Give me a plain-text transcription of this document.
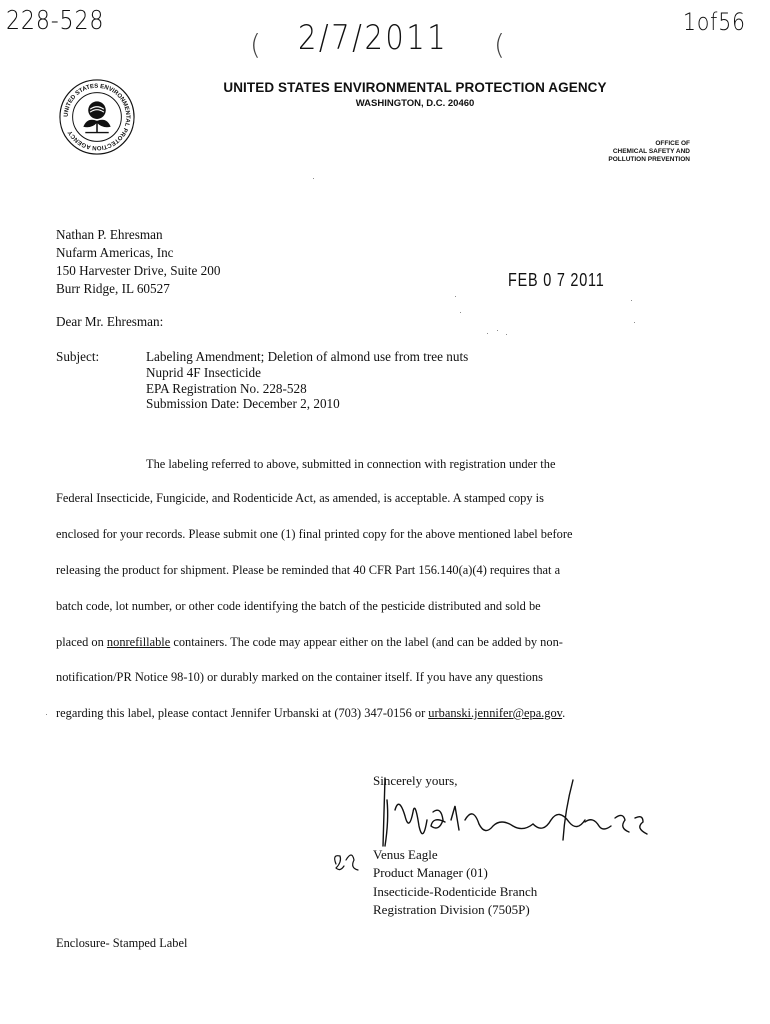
228-528
( 2/7/2011 (
1of56
UNITED STATES ENVIRONMENTAL PROTECTION AGENCY
UNITED STATES ENVIRONMENTAL PROTECTION AGENCY
WASHINGTON, D.C. 20460
OFFICE OF
CHEMICAL SAFETY AND
POLLUTION PREVENTION
Nathan P. Ehresman
Nufarm Americas, Inc
150 Harvester Drive, Suite 200
Burr Ridge, IL 60527	FEB 0 7 2011
Dear Mr. Ehresman:
Subject:	Labeling Amendment; Deletion of almond use from tree nuts
Nuprid 4F Insecticide
EPA Registration No. 228-528
Submission Date: December 2, 2010
The labeling referred to above, submitted in connection with registration under the
Federal Insecticide, Fungicide, and Rodenticide Act, as amended, is acceptable. A stamped copy is
enclosed for your records. Please submit one (1) final printed copy for the above mentioned label before
releasing the product for shipment. Please be reminded that 40 CFR Part 156.140(a)(4) requires that a
batch code, lot number, or other code identifying the batch of the pesticide distributed and sold be
placed on nonrefillable containers. The code may appear either on the label (and can be added by non-
notification/PR Notice 98-10) or durably marked on the container itself. If you have any questions
regarding this label, please contact Jennifer Urbanski at (703) 347-0156 or urbanski.jennifer@epa.gov.
Sincerely yours,
Venus Eagle
Product Manager (01)
Insecticide-Rodenticide Branch
Registration Division (7505P)
Enclosure- Stamped Label
